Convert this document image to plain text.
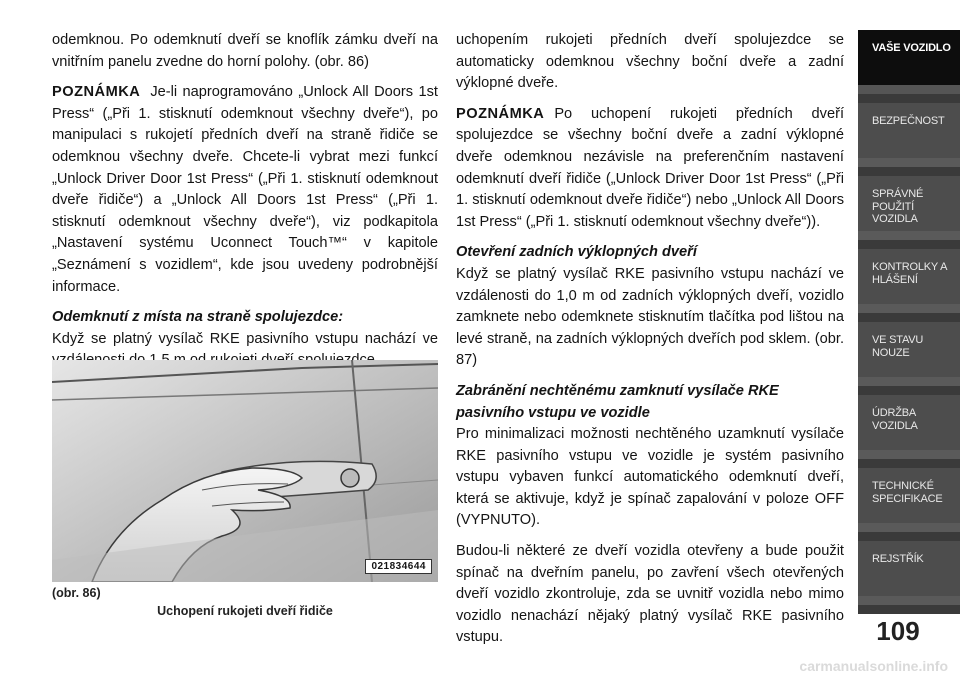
odemknou. Po odemknutí dveří se knoflík zámku dveří na vnitřním panelu zvedne do horní polohy. (obr. 86)

POZNÁMKA Je-li naprogramováno „Unlock All Doors 1st Press“ („Při 1. stisknutí odemknout všechny dveře“), po manipulaci s rukojetí předních dveří na straně řidiče se odemknou všechny dveře. Chcete-li vybrat mezi funkcí „Unlock Driver Door 1st Press“ („Při 1. stisknutí odemknout dveře řidiče“) a „Unlock All Doors 1st Press“ („Při 1. stisknutí odemknout všechny dveře“), viz podkapitola „Nastavení systému Uconnect Touch™“ v kapitole „Seznámení s vozidlem“, kde jsou uvedeny podrobnější informace.

Odemknutí z místa na straně spolujezdce:

Když se platný vysílač RKE pasivního vstupu nachází ve

021834644
(obr. 86)
Uchopení rukojeti dveří řidiče

uchopením rukojeti předních dveří spolujezdce se automaticky odemknou všechny boční dveře a zadní výklopné dveře.

POZNÁMKA Po uchopení rukojeti předních dveří spolujezdce se všechny boční dveře a zadní výklopné dveře odemknou nezávisle na preferenčním nastavení odemknutí dveří řidiče („Unlock Driver Door 1st Press“ („Při 1. stisknutí odemknout dveře řidiče“) nebo „Unlock All Doors 1st Press“ („Při 1. stisknutí odemknout všechny dveře“)).

Otevření zadních výklopných dveří

Když se platný vysílač RKE pasivního vstupu nachází ve vzdálenosti do 1,0 m od zadních výklopných dveří, vozidlo zamknete nebo odemknete stisknutím tlačítka pod lištou na levé straně, na zadních výklopných dveřích pod sklem. (obr. 87)

Zabránění nechtěnému zamknutí vysílače RKE pasivního vstupu ve vozidle

Pro minimalizaci možnosti nechtěného uzamknutí vysílače RKE pasivního vstupu ve vozidle je systém pasivního vstupu vybaven funkcí automatického odemknutí dveří, která se aktivuje, když je spínač zapalování v poloze OFF (VYPNUTO).

Budou-li některé ze dveří vozidla otevřeny a bude použit spínač na dveřním panelu, po zavření všech otevřených dveří vozidlo zkontroluje, zda se uvnitř vozidla nebo mimo vozidlo nenachází nějaký platný vysílač RKE pasivního vstupu.

VAŠE VOZIDLO
BEZPEČNOST
SPRÁVNÉ POUŽITÍ VOZIDLA
KONTROLKY A HLÁŠENÍ
VE STAVU NOUZE
ÚDRŽBA VOZIDLA
TECHNICKÉ SPECIFIKACE
REJSTŘÍK
109
carmanualsonline.info
